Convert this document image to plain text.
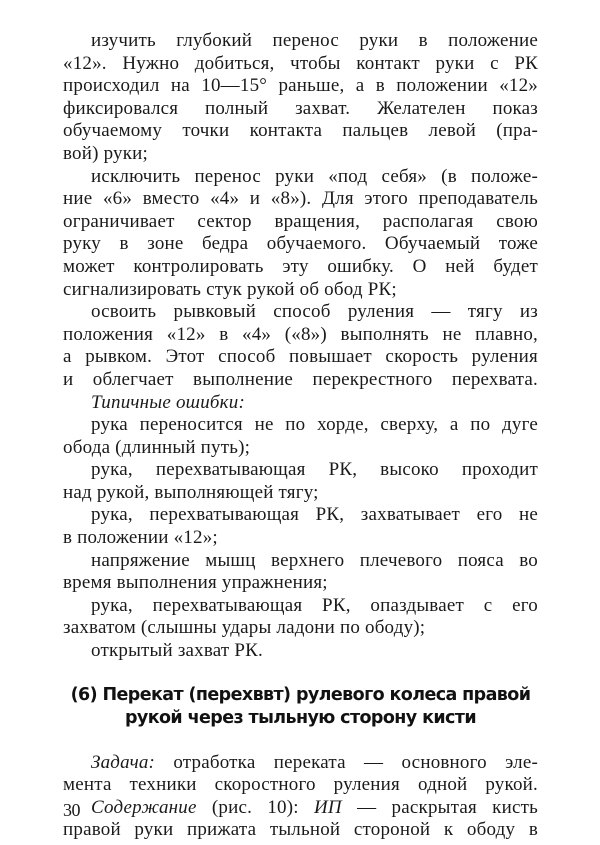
изучить глубокий перенос руки в положение
«12». Нужно добиться, чтобы контакт руки с РК
происходил на 10—15° раньше, а в положении «12»
фиксировался полный захват. Желателен показ
обучаемому точки контакта пальцев левой (пра-
вой) руки;
исключить перенос руки «под себя» (в положе-
ние «6» вместо «4» и «8»). Для этого преподаватель
ограничивает сектор вращения, располагая свою
руку в зоне бедра обучаемого. Обучаемый тоже
может контролировать эту ошибку. О ней будет
сигнализировать стук рукой об обод РК;
освоить рывковый способ руления — тягу из
положения «12» в «4» («8») выполнять не плавно,
а рывком. Этот способ повышает скорость руления
и облегчает выполнение перекрестного перехвата.
Типичные ошибки:
рука переносится не по хорде, сверху, а по дуге
обода (длинный путь);
рука, перехватывающая РК, высоко проходит
над рукой, выполняющей тягу;
рука, перехватывающая РК, захватывает его не
в положении «12»;
напряжение мышц верхнего плечевого пояса во
время выполнения упражнения;
рука, перехватывающая РК, опаздывает с его
захватом (слышны удары ладони по ободу);
открытый захват РК.
(6) Перекат (перехввт) рулевого колеса правой
рукой через тыльную сторону кисти
Задача: отработка переката — основного эле-
мента техники скоростного руления одной рукой.
Содержание (рис. 10): ИП — раскрытая кисть
правой руки прижата тыльной стороной к ободу в
30
